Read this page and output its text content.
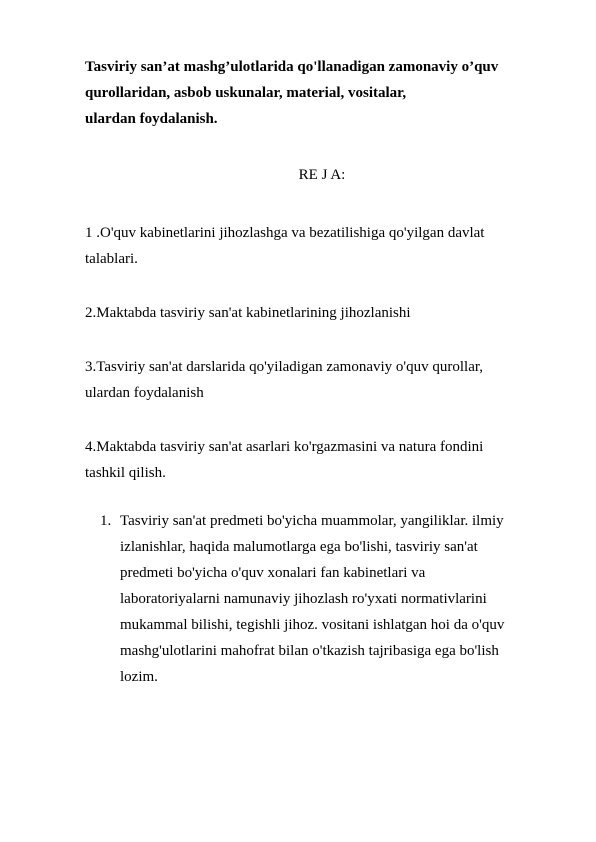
Tasviriy san’at mashg’ulotlarida qo'llanadigan zamonaviy o’quv
qurollaridan, asbob uskunalar, material, vositalar,
ulardan foydalanish.
RE J A:
1 .O'quv kabinetlarini jihozlashga va bezatilishiga qo'yilgan davlat
talablari.
2.Maktabda tasviriy san'at kabinetlarining jihozlanishi
3.Tasviriy san'at darslarida qo'yiladigan zamonaviy o'quv qurollar,
ulardan foydalanish
4.Maktabda tasviriy san'at asarlari ko'rgazmasini va natura fondini
tashkil qilish.
1. Tasviriy san'at predmeti bo'yicha muammolar, yangiliklar. ilmiy
izlanishlar, haqida malumotlarga ega bo'lishi, tasviriy san'at
predmeti bo'yicha o'quv xonalari fan kabinetlari va
laboratoriyalarni namunaviy jihozlash ro'yxati normativlarini
mukammal bilishi, tegishli jihoz. vositani ishlatgan hoi da o'quv
mashg'ulotlarini mahofrat bilan o'tkazish tajribasiga ega bo'lish
lozim.
